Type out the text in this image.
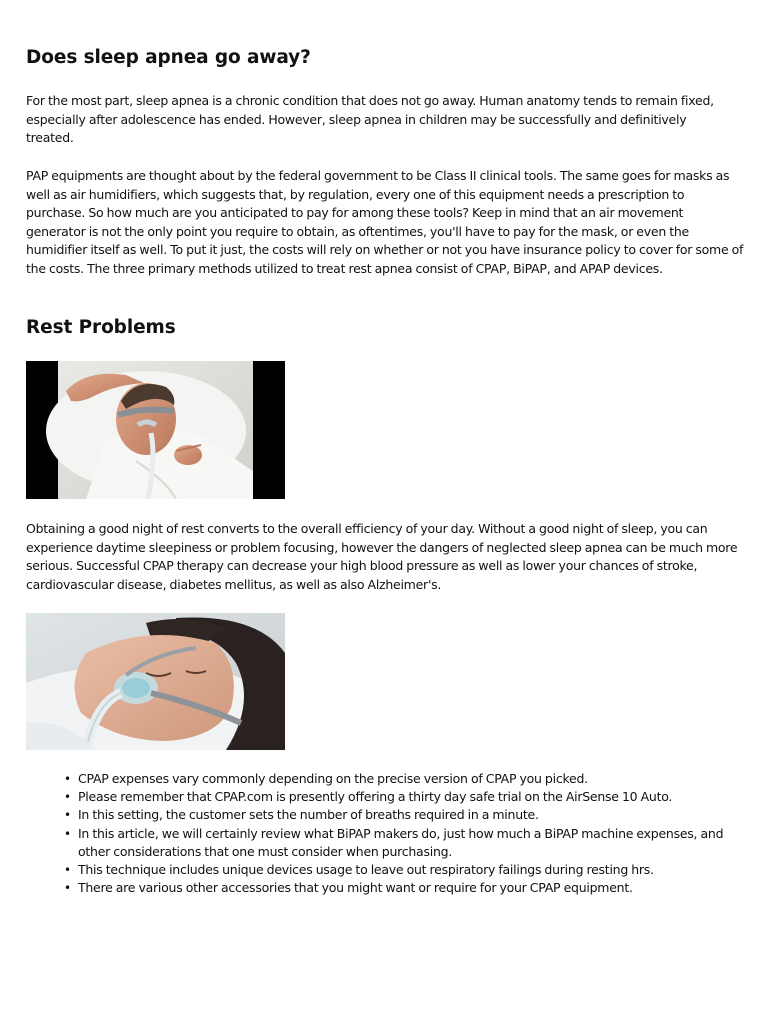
Does sleep apnea go away?

For the most part, sleep apnea is a chronic condition that does not go away. Human anatomy tends to remain fixed, especially after adolescence has ended. However, sleep apnea in children may be successfully and definitively treated.

PAP equipments are thought about by the federal government to be Class II clinical tools. The same goes for masks as well as air humidifiers, which suggests that, by regulation, every one of this equipment needs a prescription to purchase. So how much are you anticipated to pay for among these tools? Keep in mind that an air movement generator is not the only point you require to obtain, as oftentimes, you'll have to pay for the mask, or even the humidifier itself as well. To put it just, the costs will rely on whether or not you have insurance policy to cover for some of the costs. The three primary methods utilized to treat rest apnea consist of CPAP, BiPAP, and APAP devices.

Rest Problems

Obtaining a good night of rest converts to the overall efficiency of your day. Without a good night of sleep, you can experience daytime sleepiness or problem focusing, however the dangers of neglected sleep apnea can be much more serious. Successful CPAP therapy can decrease your high blood pressure as well as lower your chances of stroke, cardiovascular disease, diabetes mellitus, as well as also Alzheimer's.

• CPAP expenses vary commonly depending on the precise version of CPAP you picked.
• Please remember that CPAP.com is presently offering a thirty day safe trial on the AirSense 10 Auto.
• In this setting, the customer sets the number of breaths required in a minute.
• In this article, we will certainly review what BiPAP makers do, just how much a BiPAP machine expenses, and other considerations that one must consider when purchasing.
• This technique includes unique devices usage to leave out respiratory failings during resting hrs.
• There are various other accessories that you might want or require for your CPAP equipment.
